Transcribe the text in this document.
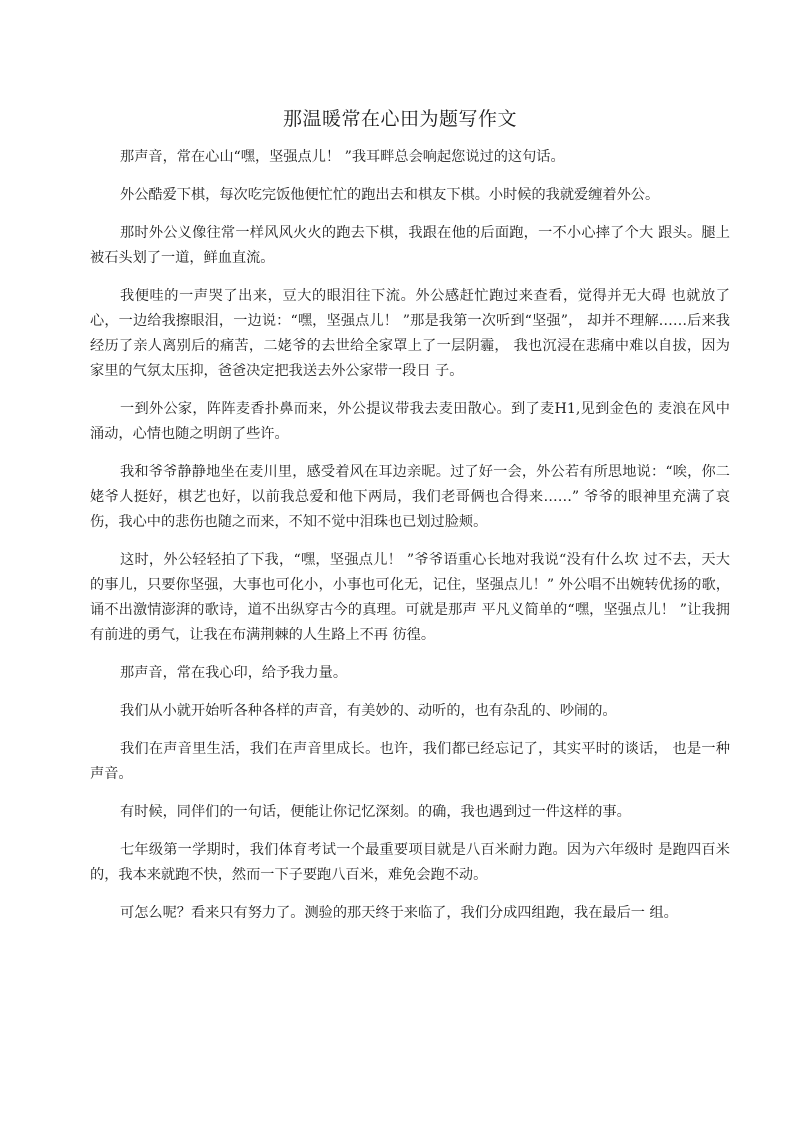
那温暖常在心田为题写作文

那声音，常在心山“嘿，坚强点儿！ ”我耳畔总会响起您说过的这句话。

外公酷爱下棋，每次吃完饭他便忙忙的跑出去和棋友下棋。小时候的我就爱缠着外公。

那时外公义像往常一样风风火火的跑去下棋，我跟在他的后面跑，一不小心摔了个大 跟头。腿上被石头划了一道，鲜血直流。

我便哇的一声哭了出来，豆大的眼泪往下流。外公感赶忙跑过来查看，觉得并无大碍 也就放了心，一边给我擦眼泪，一边说：“嘿，坚强点儿！ ”那是我第一次听到“坚强”， 却并不理解……后来我经历了亲人离别后的痛苦，二姥爷的去世给全家罩上了一层阴霾， 我也沉浸在悲痛中难以自拔，因为家里的气氛太压抑，爸爸决定把我送去外公家带一段日 子。

一到外公家，阵阵麦香扑鼻而来，外公提议带我去麦田散心。到了麦H1,见到金色的 麦浪在风中涌动，心情也随之明朗了些许。

我和爷爷静静地坐在麦川里，感受着风在耳边亲昵。过了好一会，外公若有所思地说：“唉，你二姥爷人挺好，棋艺也好，以前我总爱和他下两局，我们老哥俩也合得来……” 爷爷的眼神里充满了哀伤，我心中的悲伤也随之而来，不知不觉中泪珠也已划过脸颊。

这时，外公轻轻拍了下我，“嘿，坚强点儿！ ”爷爷语重心长地对我说“没有什么坎 过不去，天大的事儿，只要你坚强，大事也可化小，小事也可化无，记住，坚强点儿！” 外公唱不出婉转优扬的歌，诵不出激情澎湃的歌诗，道不出纵穿古今的真理。可就是那声 平凡义简单的“嘿，坚强点儿！ ”让我拥有前进的勇气，让我在布满荆棘的人生路上不再 彷徨。

那声音，常在我心印，给予我力量。

我们从小就开始听各种各样的声音，有美妙的、动听的，也有杂乱的、吵闹的。

我们在声音里生活，我们在声音里成长。也许，我们都已经忘记了，其实平时的谈话， 也是一种声音。

有时候，同伴们的一句话，便能让你记忆深刻。的确，我也遇到过一件这样的事。

七年级第一学期时，我们体育考试一个最重要项目就是八百米耐力跑。因为六年级时 是跑四百米的，我本来就跑不快，然而一下子要跑八百米，难免会跑不动。

可怎么呢？看来只有努力了。测验的那天终于来临了，我们分成四组跑，我在最后一 组。
